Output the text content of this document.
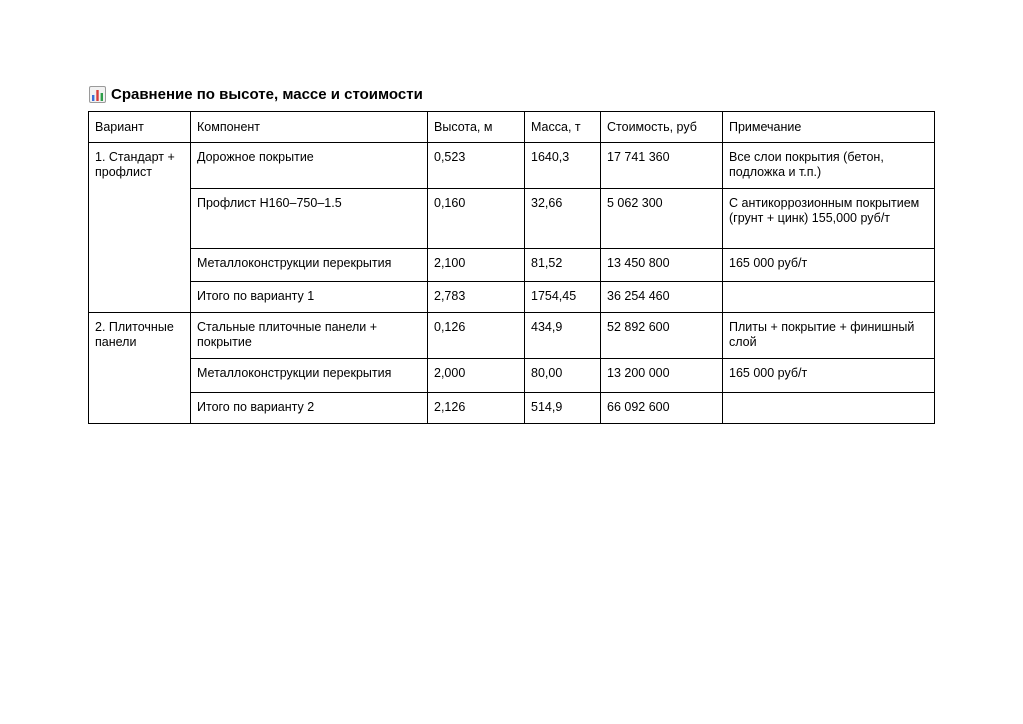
Сравнение по высоте, массе и стоимости
Вариант	Компонент	Высота, м	Масса, т	Стоимость, руб	Примечание
1. Стандарт + профлист	Дорожное покрытие	0,523	1640,3	17 741 360	Все слои покрытия (бетон, подложка и т.п.)
	Профлист Н160–750–1.5	0,160	32,66	5 062 300	С антикоррозионным покрытием (грунт + цинк) 155,000 руб/т
	Металлоконструкции перекрытия	2,100	81,52	13 450 800	165 000 руб/т
	Итого по варианту 1	2,783	1754,45	36 254 460	
2. Плиточные панели	Стальные плиточные панели + покрытие	0,126	434,9	52 892 600	Плиты + покрытие + финишный слой
	Металлоконструкции перекрытия	2,000	80,00	13 200 000	165 000 руб/т
	Итого по варианту 2	2,126	514,9	66 092 600	
